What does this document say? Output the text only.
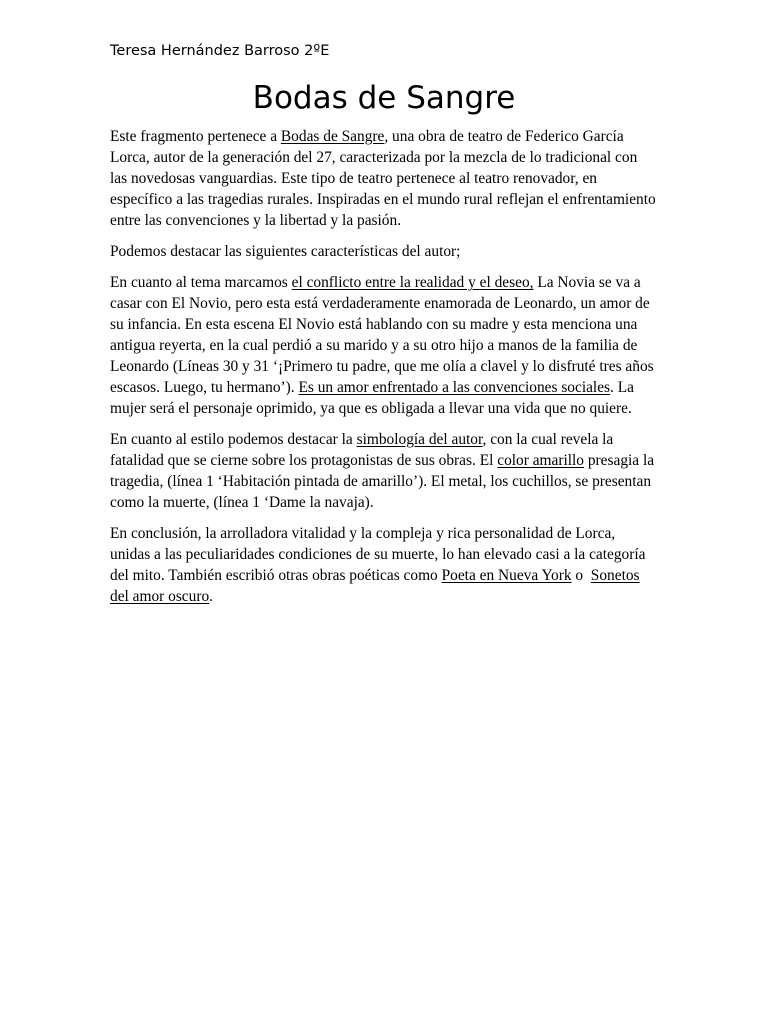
Teresa Hernández Barroso 2ºE

Bodas de Sangre

Este fragmento pertenece a Bodas de Sangre, una obra de teatro de Federico García Lorca, autor de la generación del 27, caracterizada por la mezcla de lo tradicional con las novedosas vanguardias. Este tipo de teatro pertenece al teatro renovador, en específico a las tragedias rurales. Inspiradas en el mundo rural reflejan el enfrentamiento entre las convenciones y la libertad y la pasión.

Podemos destacar las siguientes características del autor;

En cuanto al tema marcamos el conflicto entre la realidad y el deseo, La Novia se va a casar con El Novio, pero esta está verdaderamente enamorada de Leonardo, un amor de su infancia. En esta escena El Novio está hablando con su madre y esta menciona una antigua reyerta, en la cual perdió a su marido y a su otro hijo a manos de la familia de Leonardo (Líneas 30 y 31 ‘¡Primero tu padre, que me olía a clavel y lo disfruté tres años escasos. Luego, tu hermano’). Es un amor enfrentado a las convenciones sociales. La mujer será el personaje oprimido, ya que es obligada a llevar una vida que no quiere.

En cuanto al estilo podemos destacar la simbología del autor, con la cual revela la fatalidad que se cierne sobre los protagonistas de sus obras. El color amarillo presagia la tragedia, (línea 1 ‘Habitación pintada de amarillo’). El metal, los cuchillos, se presentan como la muerte, (línea 1 ‘Dame la navaja).

En conclusión, la arrolladora vitalidad y la compleja y rica personalidad de Lorca, unidas a las peculiaridades condiciones de su muerte, lo han elevado casi a la categoría del mito. También escribió otras obras poéticas como Poeta en Nueva York o  Sonetos del amor oscuro.
